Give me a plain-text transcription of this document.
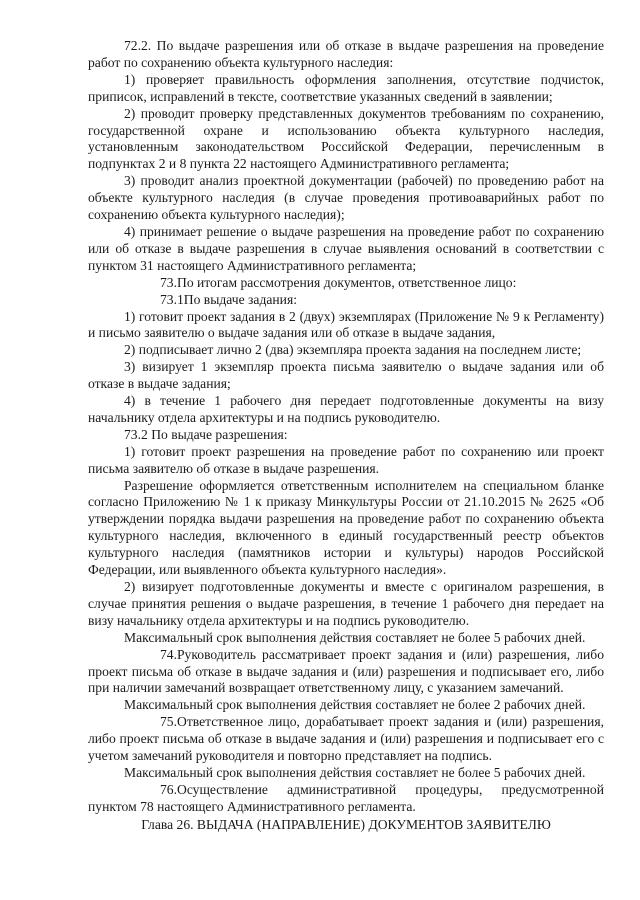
72.2. По выдаче разрешения или об отказе в выдаче разрешения на проведение работ по сохранению объекта культурного наследия:

1) проверяет правильность оформления заполнения, отсутствие подчисток, приписок, исправлений в тексте, соответствие указанных сведений в заявлении;

2) проводит проверку представленных документов требованиям по сохранению, государственной охране и использованию объекта культурного наследия, установленным законодательством Российской Федерации, перечисленным в подпунктах 2 и 8 пункта 22 настоящего Административного регламента;

3) проводит анализ проектной документации (рабочей) по проведению работ на объекте культурного наследия (в случае проведения противоаварийных работ по сохранению объекта культурного наследия);

4) принимает решение о выдаче разрешения на проведение работ по сохранению или об отказе в выдаче разрешения в случае выявления оснований в соответствии с пунктом 31 настоящего Административного регламента;

73.По итогам рассмотрения документов, ответственное лицо:

73.1По выдаче задания:

1) готовит проект задания в 2 (двух) экземплярах (Приложение № 9 к Регламенту) и письмо заявителю о выдаче задания или об отказе в выдаче задания,

2) подписывает лично 2 (два) экземпляра проекта задания на последнем листе;

3) визирует 1 экземпляр проекта письма заявителю о выдаче задания или об отказе в выдаче задания;

4) в течение 1 рабочего дня передает подготовленные документы на визу начальнику отдела архитектуры и на подпись руководителю.

73.2 По выдаче разрешения:

1) готовит проект разрешения на проведение работ по сохранению или проект письма заявителю об отказе в выдаче разрешения.

Разрешение оформляется ответственным исполнителем на специальном бланке согласно Приложению № 1 к приказу Минкультуры России от 21.10.2015 № 2625 «Об утверждении порядка выдачи разрешения на проведение работ по сохранению объекта культурного наследия, включенного в единый государственный реестр объектов культурного наследия (памятников истории и культуры) народов Российской Федерации, или выявленного объекта культурного наследия».

2) визирует подготовленные документы и вместе с оригиналом разрешения, в случае принятия решения о выдаче разрешения, в течение 1 рабочего дня передает на визу начальнику отдела архитектуры и на подпись руководителю.

Максимальный срок выполнения действия составляет не более 5 рабочих дней.

74.Руководитель рассматривает проект задания и (или) разрешения, либо проект письма об отказе в выдаче задания и (или) разрешения и подписывает его, либо при наличии замечаний возвращает ответственному лицу, с указанием замечаний.

Максимальный срок выполнения действия составляет не более 2 рабочих дней.

75.Ответственное лицо, дорабатывает проект задания и (или) разрешения, либо проект письма об отказе в выдаче задания и (или) разрешения и подписывает его с учетом замечаний руководителя и повторно представляет на подпись.

Максимальный срок выполнения действия составляет не более 5 рабочих дней.

76.Осуществление административной процедуры, предусмотренной пунктом 78 настоящего Административного регламента.

Глава 26. ВЫДАЧА (НАПРАВЛЕНИЕ) ДОКУМЕНТОВ ЗАЯВИТЕЛЮ
